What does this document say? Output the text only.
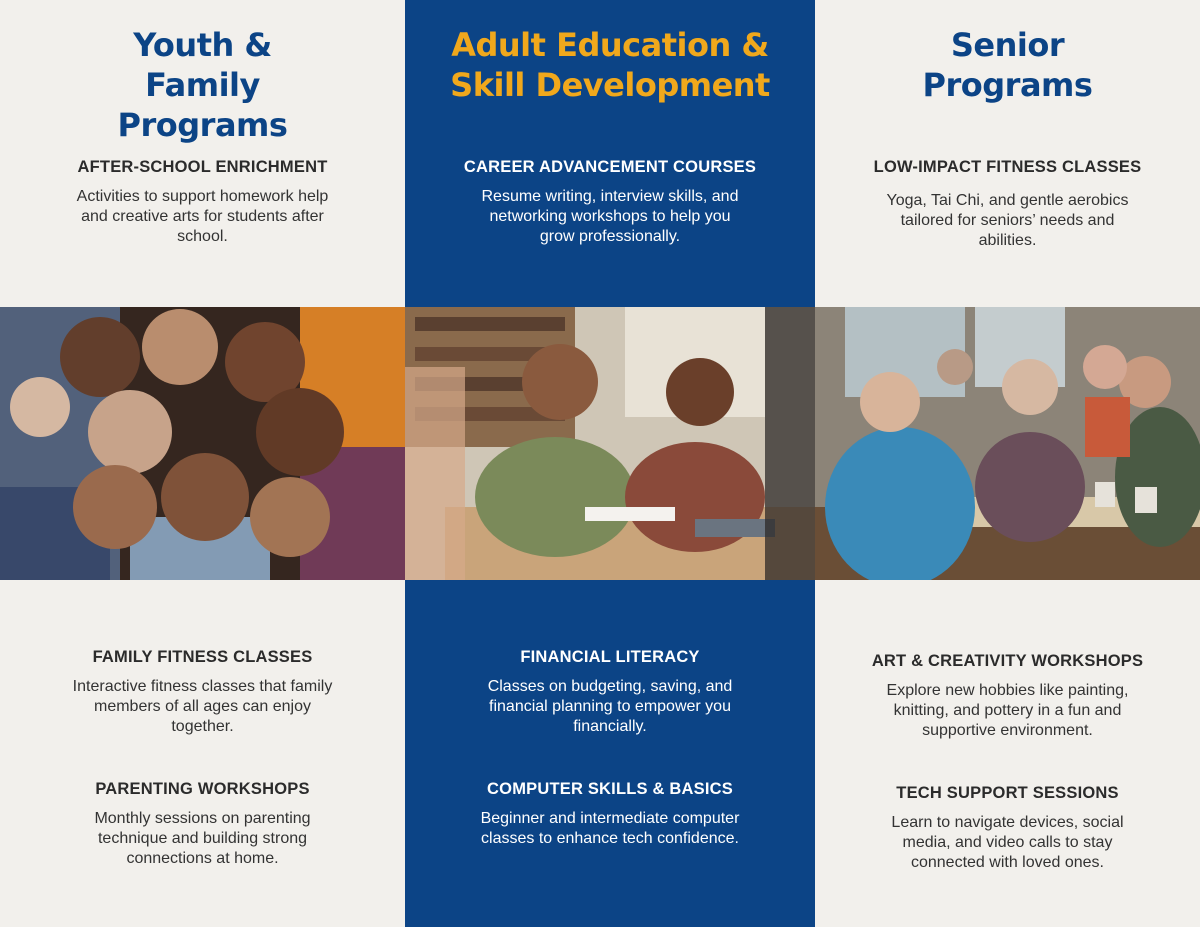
Youth &
Family
Programs
AFTER-SCHOOL ENRICHMENT

Activities to support homework help and creative arts for students after school.

FAMILY FITNESS CLASSES

Interactive fitness classes that family members of all ages can enjoy together.

PARENTING WORKSHOPS

Monthly sessions on parenting technique and building strong connections at home.

Adult Education &
Skill Development
CAREER ADVANCEMENT COURSES

Resume writing, interview skills, and networking workshops to help you grow professionally.

FINANCIAL LITERACY

Classes on budgeting, saving, and financial planning to empower you financially.

COMPUTER SKILLS & BASICS

Beginner and intermediate computer classes to enhance tech confidence.

Senior
Programs
LOW-IMPACT FITNESS CLASSES

Yoga, Tai Chi, and gentle aerobics tailored for seniors’ needs and abilities.

ART & CREATIVITY WORKSHOPS

Explore new hobbies like painting, knitting, and pottery in a fun and supportive environment.

TECH SUPPORT SESSIONS

Learn to navigate devices, social media, and video calls to stay connected with loved ones.
